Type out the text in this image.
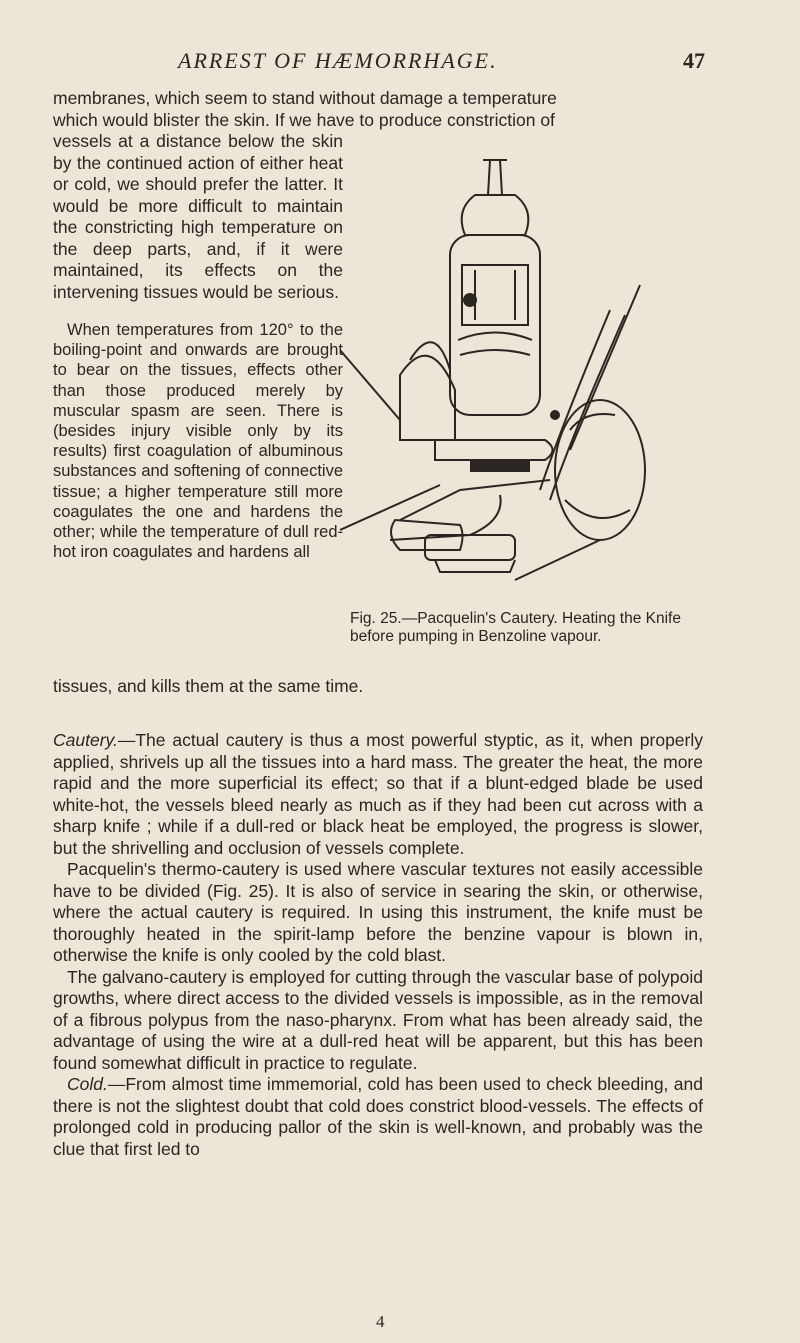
ARREST OF HÆMORRHAGE.	47
membranes, which seem to stand without damage a temperature
which would blister the skin. If we have to produce constriction of

vessels at a distance below the skin by the continued action of either heat or cold, we should prefer the latter. It would be more difficult to maintain the constricting high temperature on the deep parts, and, if it were maintained, its effects on the intervening tissues would be serious.

When temperatures from 120° to the boiling-point and onwards are brought to bear on the tissues, effects other than those produced merely by muscular spasm are seen. There is (besides injury visible only by its results) first coagulation of albuminous substances and softening of connective tissue; a higher temperature still more coagulates the one and hardens the other; while the temperature of dull red-hot iron coagulates and hardens all

Fig. 25.—Pacquelin's Cautery. Heating the Knife before pumping in Benzoline vapour.
tissues, and kills them at the same time.

Cautery.—The actual cautery is thus a most powerful styptic, as it, when properly applied, shrivels up all the tissues into a hard mass. The greater the heat, the more rapid and the more superficial its effect; so that if a blunt-edged blade be used white-hot, the vessels bleed nearly as much as if they had been cut across with a sharp knife ; while if a dull-red or black heat be employed, the progress is slower, but the shrivelling and occlusion of vessels complete.

Pacquelin's thermo-cautery is used where vascular textures not easily accessible have to be divided (Fig. 25). It is also of service in searing the skin, or otherwise, where the actual cautery is required. In using this instrument, the knife must be thoroughly heated in the spirit-lamp before the benzine vapour is blown in, otherwise the knife is only cooled by the cold blast.

The galvano-cautery is employed for cutting through the vascular base of polypoid growths, where direct access to the divided vessels is impossible, as in the removal of a fibrous polypus from the naso-pharynx. From what has been already said, the advantage of using the wire at a dull-red heat will be apparent, but this has been found somewhat difficult in practice to regulate.

Cold.—From almost time immemorial, cold has been used to check bleeding, and there is not the slightest doubt that cold does constrict blood-vessels. The effects of prolonged cold in producing pallor of the skin is well-known, and probably was the clue that first led to

4
